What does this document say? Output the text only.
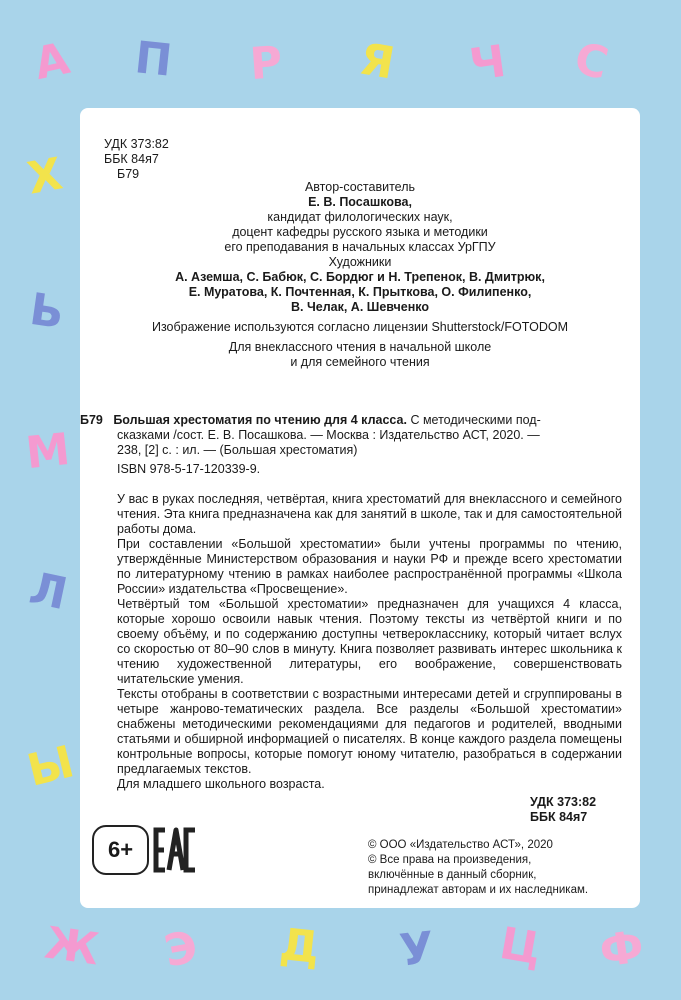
А П Р Я Ч С
Х
Ь
М
Л
Ы
Ж Э Д У Ц Ф
УДК 373:82
ББК 84я7
Б79
Автор-составитель
Е. В. Посашкова,
кандидат филологических наук,
доцент кафедры русского языка и методики
его преподавания в начальных классах УрГПУ
Художники
А. Аземша, С. Бабюк, С. Бордюг и Н. Трепенок, В. Дмитрюк,
Е. Муратова, К. Почтенная, К. Прыткова, О. Филипенко,
В. Челак, А. Шевченко
Изображение используются согласно лицензии Shutterstock/FOTODOM
Для внеклассного чтения в начальной школе
и для семейного чтения
Б79 Большая хрестоматия по чтению для 4 класса. С методическими под-
сказками /сост. Е. В. Посашкова. — Москва : Издательство АСТ, 2020. —
238, [2] с. : ил. — (Большая хрестоматия)
ISBN 978-5-17-120339-9.

У вас в руках последняя, четвёртая, книга хрестоматий для внеклассного и семейного чтения. Эта книга предназначена как для занятий в школе, так и для самостоятельной работы дома.

При составлении «Большой хрестоматии» были учтены программы по чтению, утверждённые Министерством образования и науки РФ и прежде всего хрестоматии по литературному чтению в рамках наиболее распространённой программы «Школа России» издательства «Просвещение».

Четвёртый том «Большой хрестоматии» предназначен для учащихся 4 класса, которые хорошо освоили навык чтения. Поэтому тексты из четвёртой книги и по своему объёму, и по содержанию доступны четверокласснику, который читает вслух со скоростью от 80–90 слов в минуту. Книга позволяет развивать интерес школьника к чтению художественной литературы, его воображение, совершенствовать читательские умения.

Тексты отобраны в соответствии с возрастными интересами детей и сгруппированы в четыре жанрово-тематических раздела. Все разделы «Большой хрестоматии» снабжены методическими рекомендациями для педагогов и родителей, вводными статьями и обширной информацией о писателях. В конце каждого раздела помещены контрольные вопросы, которые помогут юному читателю, разобраться в содержании предлагаемых текстов.

Для младшего школьного возраста.

УДК 373:82
ББК 84я7
6+	© ООО «Издательство АСТ», 2020
© Все права на произведения,
включённые в данный сборник,
принадлежат авторам и их наследникам.
